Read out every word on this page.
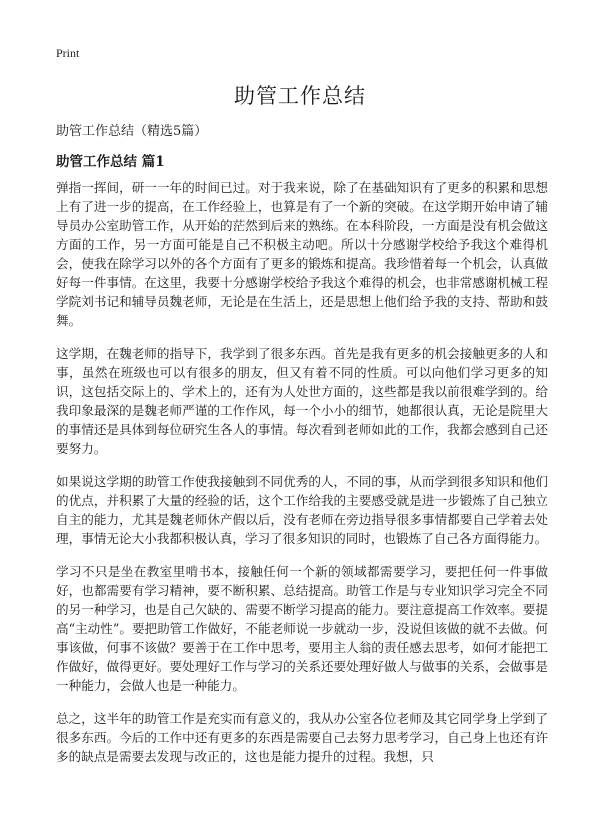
Print
助管工作总结

助管工作总结（精选5篇）

助管工作总结 篇1

弹指一挥间，研一一年的时间已过。对于我来说，除了在基础知识有了更多的积累和思想上有了进一步的提高，在工作经验上，也算是有了一个新的突破。在这学期开始申请了辅导员办公室助管工作，从开始的茫然到后来的熟练。在本科阶段，一方面是没有机会做这方面的工作，另一方面可能是自己不积极主动吧。所以十分感谢学校给予我这个难得机会，使我在除学习以外的各个方面有了更多的锻炼和提高。我珍惜着每一个机会，认真做好每一件事情。在这里，我要十分感谢学校给予我这个难得的机会，也非常感谢机械工程学院刘书记和辅导员魏老师，无论是在生活上，还是思想上他们给予我的支持、帮助和鼓舞。

这学期，在魏老师的指导下，我学到了很多东西。首先是我有更多的机会接触更多的人和事，虽然在班级也可以有很多的朋友，但又有着不同的性质。可以向他们学习更多的知识，这包括交际上的、学术上的，还有为人处世方面的，这些都是我以前很难学到的。给我印象最深的是魏老师严谨的工作作风，每一个小小的细节，她都很认真，无论是院里大的事情还是具体到每位研究生各人的事情。每次看到老师如此的工作，我都会感到自己还要努力。

如果说这学期的助管工作使我接触到不同优秀的人，不同的事，从而学到很多知识和他们的优点，并积累了大量的经验的话，这个工作给我的主要感受就是进一步锻炼了自己独立自主的能力，尤其是魏老师休产假以后，没有老师在旁边指导很多事情都要自己学着去处理，事情无论大小我都积极认真，学习了很多知识的同时，也锻炼了自己各方面得能力。

学习不只是坐在教室里啃书本，接触任何一个新的领域都需要学习，要把任何一件事做好，也都需要有学习精神，要不断积累、总结提高。助管工作是与专业知识学习完全不同的另一种学习，也是自己欠缺的、需要不断学习提高的能力。要注意提高工作效率。要提高“主动性”。要把助管工作做好，不能老师说一步就动一步，没说但该做的就不去做。何事该做，何事不该做？要善于在工作中思考，要用主人翁的责任感去思考，如何才能把工作做好，做得更好。要处理好工作与学习的关系还要处理好做人与做事的关系，会做事是一种能力，会做人也是一种能力。

总之，这半年的助管工作是充实而有意义的，我从办公室各位老师及其它同学身上学到了很多东西。今后的工作中还有更多的东西是需要自己去努力思考学习，自己身上也还有许多的缺点是需要去发现与改正的，这也是能力提升的过程。我想，只
